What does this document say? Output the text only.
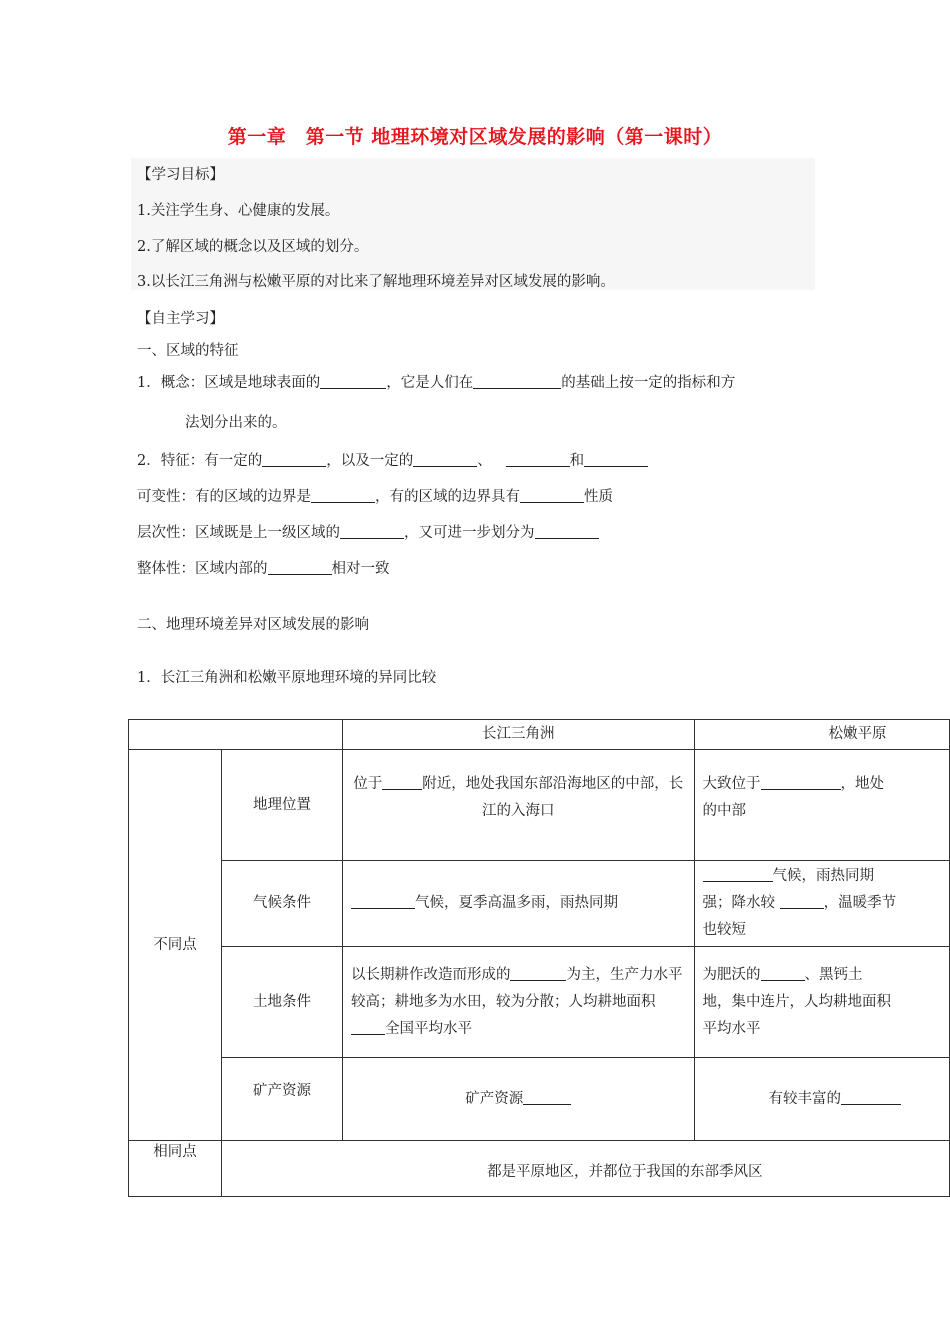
第一章　第一节 地理环境对区域发展的影响（第一课时）
【学习目标】
1.关注学生身、心健康的发展。
2.了解区域的概念以及区域的划分。
3.以长江三角洲与松嫩平原的对比来了解地理环境差异对区域发展的影响。
【自主学习】
一、区域的特征
1．概念：区域是地球表面的	，它是人们在	的基础上按一定的指标和方
法划分出来的。
2．特征：有一定的	，以及一定的	、	和
可变性：有的区域的边界是	，有的区域的边界具有	性质
层次性：区域既是上一级区域的	，又可进一步划分为
整体性：区域内部的	相对一致
二、地理环境差异对区域发展的影响
1．长江三角洲和松嫩平原地理环境的异同比较
		长江三角洲	松嫩平原
不同点	地理位置	位于 附近，地处我国东部沿海地区的中部，长江的入海口	大致位于 ，地处
的中部
	气候条件	气候，夏季高温多雨，雨热同期	气候，雨热同期
强；降水较 ，温暖季节
也较短
	土地条件	以长期耕作改造而形成的 为主，生产力水平较高；耕地多为水田，较为分散；人均耕地面积全国平均水平	为肥沃的 、黑钙土
地，集中连片，人均耕地面积
平均水平
	矿产资源	矿产资源	有较丰富的
相同点	都是平原地区，并都位于我国的东部季风区		
